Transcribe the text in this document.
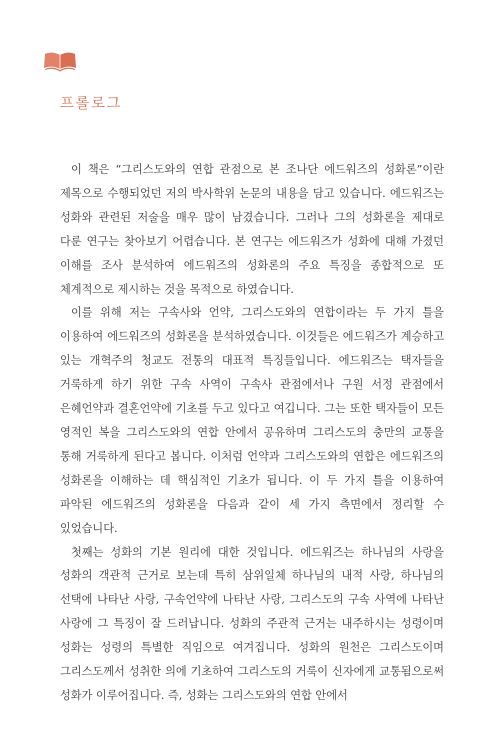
프롤로그

이 책은 “그리스도와의 연합 관점으로 본 조나단 에드워즈의 성화론”이란 제목으로 수행되었던 저의 박사학위 논문의 내용을 담고 있습니다. 에드워즈는 성화와 관련된 저술을 매우 많이 남겼습니다. 그러나 그의 성화론을 제대로 다룬 연구는 찾아보기 어렵습니다. 본 연구는 에드워즈가 성화에 대해 가졌던 이해를 조사 분석하여 에드워즈의 성화론의 주요 특징을 종합적으로 또 체계적으로 제시하는 것을 목적으로 하였습니다.

이를 위해 저는 구속사와 언약, 그리스도와의 연합이라는 두 가지 틀을 이용하여 에드워즈의 성화론을 분석하였습니다. 이것들은 에드워즈가 계승하고 있는 개혁주의 청교도 전통의 대표적 특징들입니다. 에드워즈는 택자들을 거룩하게 하기 위한 구속 사역이 구속사 관점에서나 구원 서정 관점에서 은혜언약과 결혼언약에 기초를 두고 있다고 여깁니다. 그는 또한 택자들이 모든 영적인 복을 그리스도와의 연합 안에서 공유하며 그리스도의 충만의 교통을 통해 거룩하게 된다고 봅니다. 이처럼 언약과 그리스도와의 연합은 에드워즈의 성화론을 이해하는 데 핵심적인 기초가 됩니다. 이 두 가지 틀을 이용하여 파악된 에드워즈의 성화론을 다음과 같이 세 가지 측면에서 정리할 수 있었습니다.

첫째는 성화의 기본 원리에 대한 것입니다. 에드워즈는 하나님의 사랑을 성화의 객관적 근거로 보는데 특히 삼위일체 하나님의 내적 사랑, 하나님의 선택에 나타난 사랑, 구속언약에 나타난 사랑, 그리스도의 구속 사역에 나타난 사랑에 그 특징이 잘 드러납니다. 성화의 주관적 근거는 내주하시는 성령이며 성화는 성령의 특별한 직임으로 여겨집니다. 성화의 원천은 그리스도이며 그리스도께서 성취한 의에 기초하여 그리스도의 거룩이 신자에게 교통됨으로써 성화가 이루어집니다. 즉, 성화는 그리스도와의 연합 안에서
